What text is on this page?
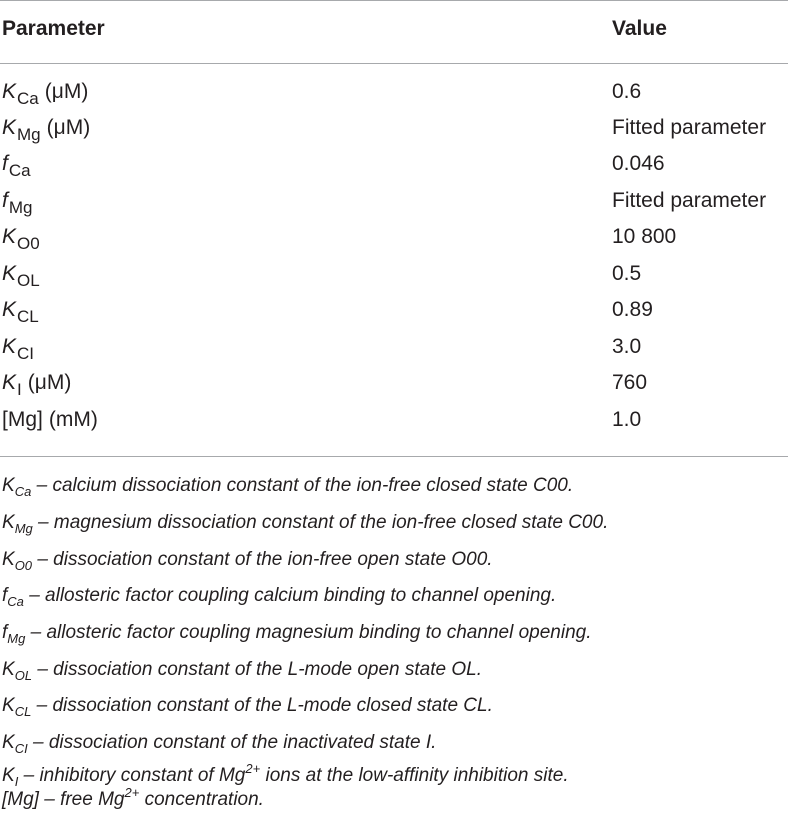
Parameter	Value
$K_{Ca}$ (μM)	0.6
$K_{Mg}$ (μM)	Fitted parameter
$f_{Ca}$	0.046
$f_{Mg}$	Fitted parameter
$K_{O0}$	10 800
$K_{OL}$	0.5
$K_{CL}$	0.89
$K_{CI}$	3.0
$K_I$ (μM)	760
[Mg] (mM)	1.0
$K_{Ca}$ – calcium dissociation constant of the ion-free closed state C00.
$K_{Mg}$ – magnesium dissociation constant of the ion-free closed state C00.
$K_{O0}$ – dissociation constant of the ion-free open state O00.
$f_{Ca}$ – allosteric factor coupling calcium binding to channel opening.
$f_{Mg}$ – allosteric factor coupling magnesium binding to channel opening.
$K_{OL}$ – dissociation constant of the L-mode open state OL.
$K_{CL}$ – dissociation constant of the L-mode closed state CL.
$K_{CI}$ – dissociation constant of the inactivated state I.
$K_I$ – inhibitory constant of $Mg^{2+}$ ions at the low-affinity inhibition site.
[Mg] – free $Mg^{2+}$ concentration.
